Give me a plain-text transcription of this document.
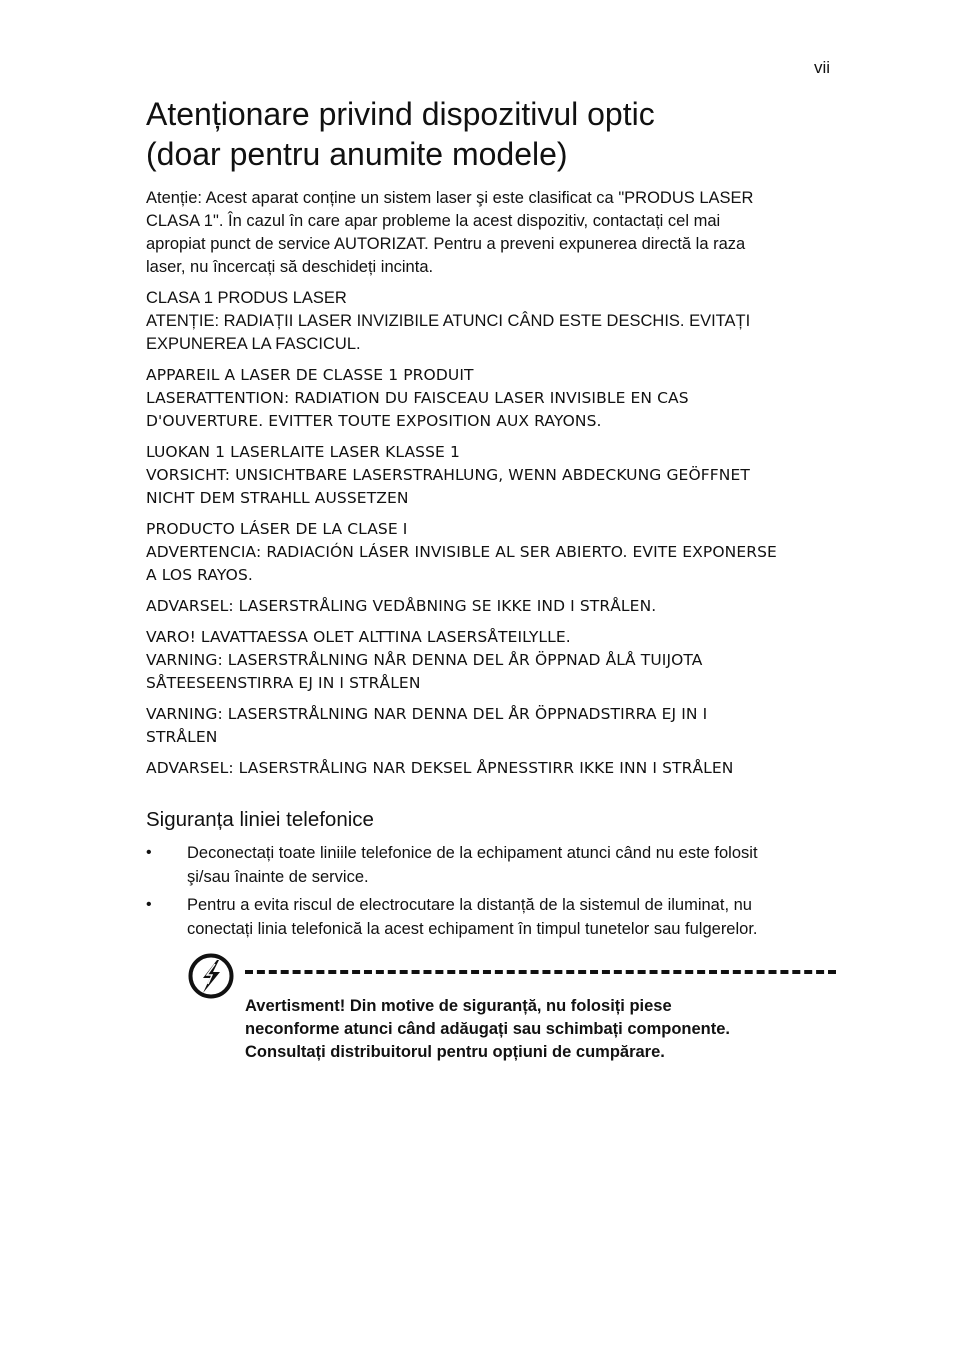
vii
Atenționare privind dispozitivul optic
(doar pentru anumite modele)

Atenție: Acest aparat conține un sistem laser şi este clasificat ca "PRODUS LASER
CLASA 1". În cazul în care apar probleme la acest dispozitiv, contactați cel mai
apropiat punct de service AUTORIZAT. Pentru a preveni expunerea directă la raza
laser, nu încercați să deschideți incinta.

CLASA 1 PRODUS LASER
ATENȚIE: RADIAȚII LASER INVIZIBILE ATUNCI CÂND ESTE DESCHIS. EVITAȚI
EXPUNEREA LA FASCICUL.

APPAREIL A LASER DE CLASSE 1 PRODUIT
LASERATTENTION: RADIATION DU FAISCEAU LASER INVISIBLE EN CAS
D'OUVERTURE. EVITTER TOUTE EXPOSITION AUX RAYONS.

LUOKAN 1 LASERLAITE LASER KLASSE 1
VORSICHT: UNSICHTBARE LASERSTRAHLUNG, WENN ABDECKUNG GEÖFFNET
NICHT DEM STRAHLL AUSSETZEN

PRODUCTO LÁSER DE LA CLASE I
ADVERTENCIA: RADIACIÓN LÁSER INVISIBLE AL SER ABIERTO. EVITE EXPONERSE
A LOS RAYOS.

ADVARSEL: LASERSTRÅLING VEDÅBNING SE IKKE IND I STRÅLEN.

VARO! LAVATTAESSA OLET ALTTINA LASERSÅTEILYLLE.
VARNING: LASERSTRÅLNING NÅR DENNA DEL ÅR ÖPPNAD ÅLÅ TUIJOTA
SÅTEESEENSTIRRA EJ IN I STRÅLEN

VARNING: LASERSTRÅLNING NAR DENNA DEL ÅR ÖPPNADSTIRRA EJ IN I
STRÅLEN

ADVARSEL: LASERSTRÅLING NAR DEKSEL ÅPNESSTIRR IKKE INN I STRÅLEN

Siguranța liniei telefonice
• Deconectați toate liniile telefonice de la echipament atunci când nu este folosit
şi/sau înainte de service.
• Pentru a evita riscul de electrocutare la distanță de la sistemul de iluminat, nu
conectați linia telefonică la acest echipament în timpul tunetelor sau fulgerelor.
Avertisment! Din motive de siguranță, nu folosiți piese
neconforme atunci când adăugați sau schimbați componente.
Consultați distribuitorul pentru opțiuni de cumpărare.
